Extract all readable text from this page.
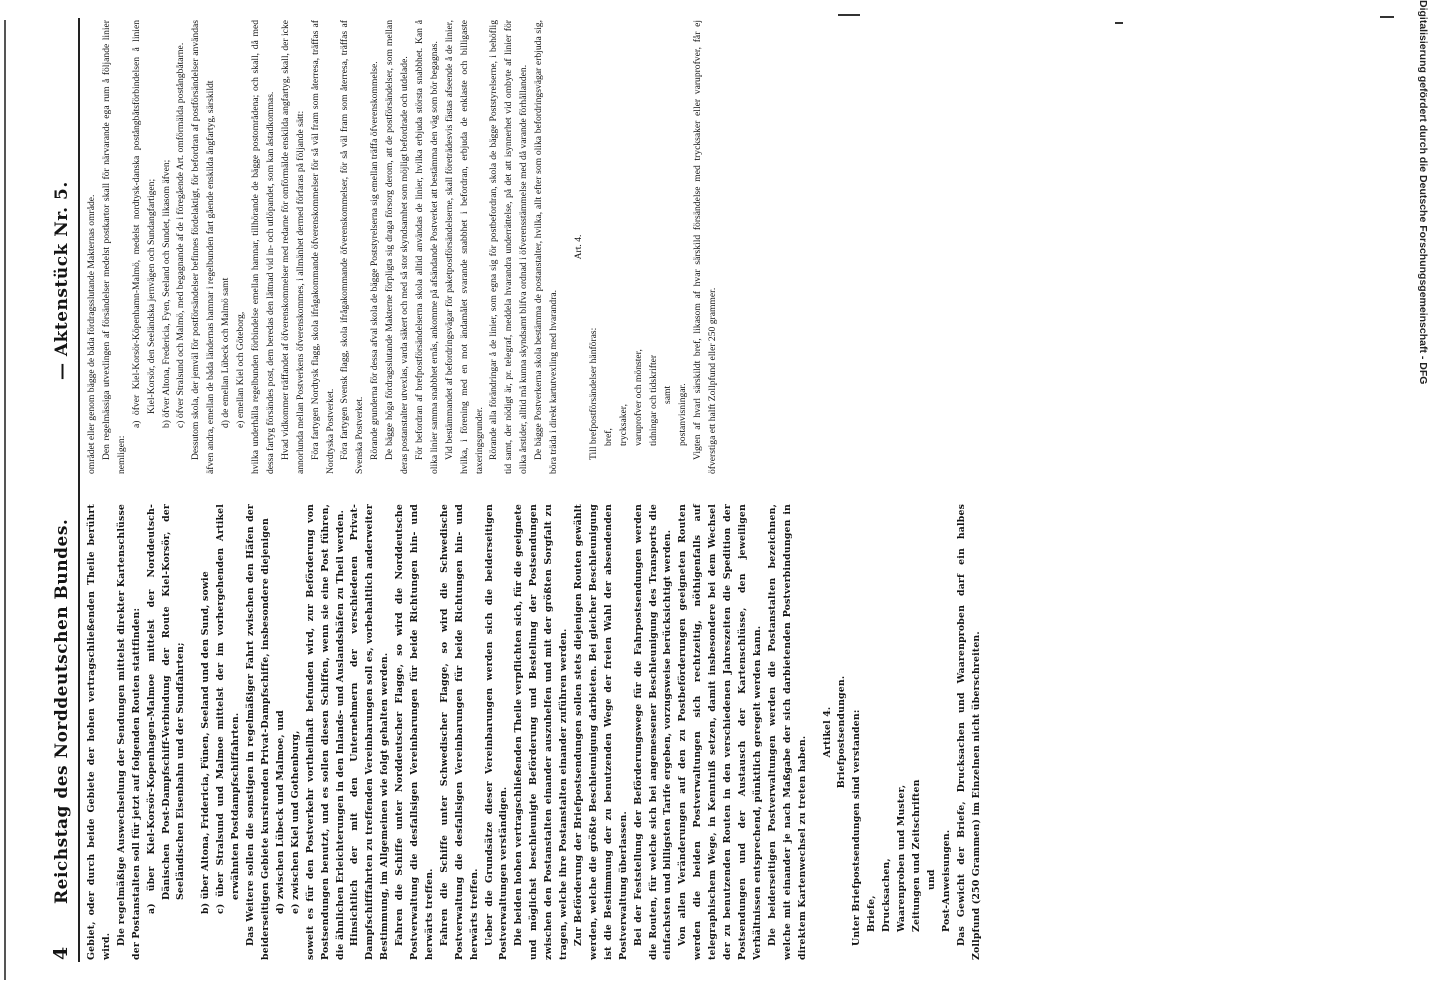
4
Reichstag des Norddeutschen Bundes.
— Aktenstück Nr. 5.

Gebiet, oder durch beide Gebiete der hohen vertragschließenden Theile berührt wird.

Die regelmäßige Auswechselung der Sendungen mittelst direkter Kartenschlüsse der Postanstalten soll für jetzt auf folgenden Routen stattfinden: a) über Kiel-Korsör-Kopenhagen-Malmoe mittelst der Norddeutsch-Dänischen Post-Dampfschiff-Verbindung der Route Kiel-Korsör, der Seeländischen Eisenbahn und der Sundfahrten;	b) über Altona, Fridericia, Fünen, Seeland und den Sund, sowie c) über Stralsund und Malmoe mittelst der im vorhergehenden Artikel erwähnten Postdampfschiffahrten. Das Weitere sollen die sonstigen in regelmäßiger Fahrt zwischen den Häfen der beiderseitigen Gebiete kursirenden Privat-Dampfschiffe, insbesondere diejenigen d) zwischen Lübeck und Malmoe, und e) zwischen Kiel und Gothenburg, soweit es für den Postverkehr vortheilhaft befunden wird, zur Beförderung von Postsendungen benutzt, und es sollen diesen Schiffen, wenn sie eine Post führen, die ähnlichen Erleichterungen in den Inlands- und Auslandshäfen zu Theil werden. Hinsichtlich der mit den Unternehmern der verschiedenen Privat-Dampfschifffahrten zu treffenden Vereinbarungen soll es, vorbehaltlich anderweiter Bestimmung, im Allgemeinen wie folgt gehalten werden. Fahren die Schiffe unter Norddeutscher Flagge, so wird die Norddeutsche Postverwaltung die desfallsigen Vereinbarungen für beide Richtungen hin- und herwärts treffen. Fahren die Schiffe unter Schwedischer Flagge, so wird die Schwedische Postverwaltung die desfallsigen Vereinbarungen für beide Richtungen hin- und herwärts treffen. Ueber die Grundsätze dieser Vereinbarungen werden sich die beiderseitigen Postverwaltungen verständigen. Die beiden hohen vertragschließenden Theile verpflichten sich, für die geeignete und möglichst beschleunigte Beförderung und Bestellung der Postsendungen zwischen den Postanstalten einander auszuhelfen und mit der größten Sorgfalt zu tragen, welche ihre Postanstalten einander zuführen werden. Zur Beförderung der Briefpostsendungen sollen stets diejenigen Routen gewählt werden, welche die größte Beschleunigung darbieten. Bei gleicher Beschleunigung ist die Bestimmung der zu benutzenden Wege der freien Wahl der absendenden Postverwaltung überlassen. Bei der Feststellung der Beförderungswege für die Fahrpostsendungen werden die Routen, für welche sich bei angemessener Beschleunigung des Transports die einfachsten und billigsten Tarife ergeben, vorzugsweise berücksichtigt werden. Von allen Veränderungen auf den zu Postbeförderungen geeigneten Routen werden die beiden Postverwaltungen sich rechtzeitig, nöthigenfalls auf telegraphischem Wege, in Kenntniß setzen, damit insbesondere bei dem Wechsel der zu benutzenden Routen in den verschiedenen Jahreszeiten die Spedition der Postsendungen und der Austausch der Kartenschlüsse, den jeweiligen Verhältnissen entsprechend, pünktlich geregelt werden kann. Die beiderseitigen Postverwaltungen werden die Postanstalten bezeichnen, welche mit einander je nach Maßgabe der sich darbietenden Postverbindungen in direktem Kartenwechsel zu treten haben.

Artikel 4. Briefpostsendungen. Unter Briefpostsendungen sind verstanden: Briefe, Drucksachen, Waarenproben und Muster, Zeitungen und Zeitschriften und Post-Anweisungen. Das Gewicht der Briefe, Drucksachen und Waarenproben darf ein halbes Zollpfund (250 Grammen) im Einzelnen nicht überschreiten.

området eller genom bägge de båda fördragsslutande Makternas område. Den regelmässiga utvexlingen af försändelser medelst postkartor skall för närvarande ega rum å följande linier nemligen:

a) öfver Kiel-Korsör-Köpenhamn-Malmö, medelst nordtysk-danska postångbåtsförbindelsen å linien Kiel-Korsör, den Seeländska jernvägen och Sundangfartigen; b) öfver Altona, Fredericia, Fyen, Seeland och Sundet, likasom äfven; c) öfver Stralsund och Malmö, med begagnande af de i föregående Art. omförmälda postångbåtarne. Dessutom skola, der jemväl för postförsändelser befinnes fördelaktigt, för befordran af postförsändelser användas äfven andra, emellan de båda ländernas hamnar i regelbunden fart gående enskilda ångfartyg, särskildt d) de emellan Lübeck och Malmö samt e) emellan Kiel och Göteborg, hvilka underhålla regelbunden förbindelse emellan hamnar, tillhörande de bägge postområdena; och skall, då med dessa fartyg försändes post, dem beredas den lättnad vid in- och utlöpandet, som kan åstadkommas. Hvad vidkommer träffandet af öfverenskommelser med redarne för omförmälde enskilda angfartyg, skall, der icke annorlunda mellan Postverkens öfverenskommes, i allmänhet dermed förfaras på följande sätt: Föra fartygen Nordtysk flagg, skola ifrågakommande öfverenskommelser för så väl fram som återresa, träffas af Nordtyska Postverket. Föra fartygen Svensk flagg, skola ifrågakommande öfverenskommelser, för så väl fram som återresa, träffas af Svenska Postverket. Rörande grunderna för dessa afval skola de bägge Poststyrelserna sig emellan träffa öfverenskommelse. De bägge höga fördragsslutande Makterne förpligta sig draga försorg derom, att de postförsändelser, som mellan deras postanstalter utvexlas, varda säkert och med så stor skyndsamhet som möjligt befordrade och utdelade. För befordran af brefpostförsändelserna skola alltid användas de linier, hvilka erbjuda största snabbhet. Kan å olika linier samma snabbhet ernås, ankomme på afsändande Postverket att bestämma den väg som bör begagnas. Vid bestämmandet af befordringsvägar för paketpostförsändelserne, skall företrädesvis fästas afseende å de linier, hvilka, i förening med en mot ändamålet svarande snabbhet i befordran, erbjuda de enklaste och billigaste taxeringsgrunder. Rörande alla förändringar å de linier, som egna sig för postbefordran, skola de bägge Poststyrelserne, i behöflig tid samt, der nödigt är, pr. telegraf, meddela hvarandra underrättelse, på det att isynnerhet vid ombyte af linier för olika årstider, alltid må kunna skyndsamt blifva ordnad i öfverensstämmelse med då varande förhållanden. De bägge Postverkerna skola bestämma de postanstalter, hvilka, allt efter som olika befordringsvägar erbjuda sig, böra träda i direkt kartutvexling med hvarandra.

Art. 4.

Till brefpostförsändelser hänföras: bref, trycksaker, varuprofver och mönster, tidningar och tidskrifter samt postanvisningar. Vigten af hvarl särskildt bref, likasom af hvar särskild försändelse med trycksaker eller varuprofver, får ej öfverstiga ett halft Zollpfund eller 250 grammer.	Digitalisierung gefördert durch die Deutsche Forschungsgemeinschaft - DFG
